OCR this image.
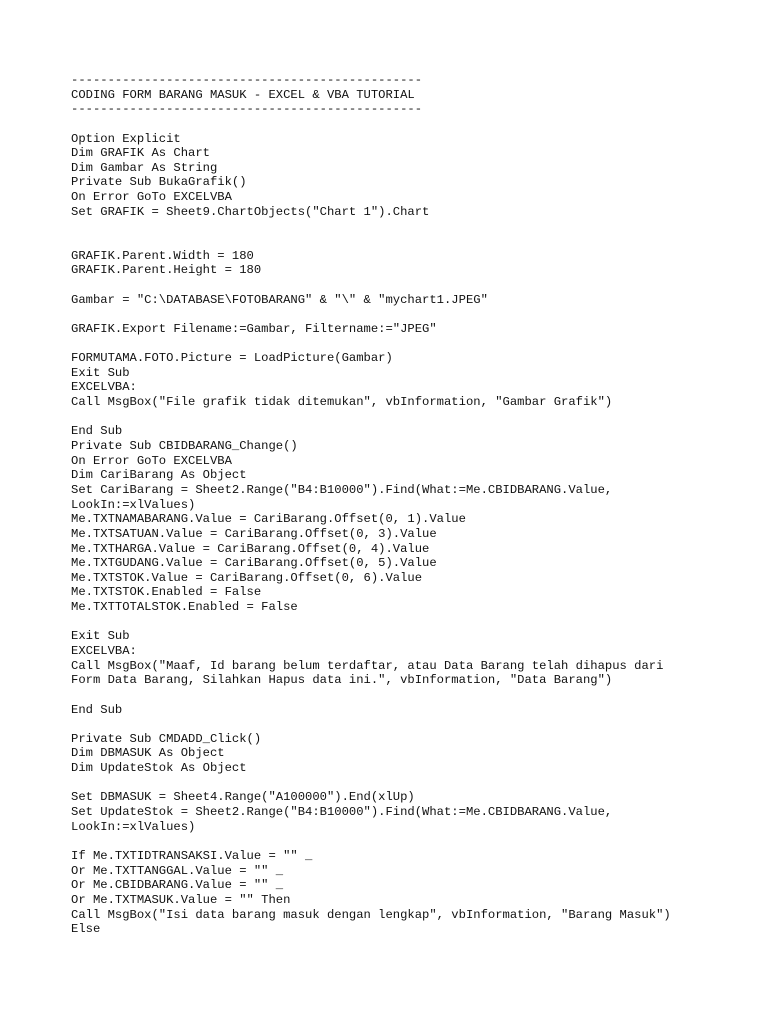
------------------------------------------------
CODING FORM BARANG MASUK - EXCEL & VBA TUTORIAL
------------------------------------------------

Option Explicit
Dim GRAFIK As Chart
Dim Gambar As String
Private Sub BukaGrafik()
On Error GoTo EXCELVBA
Set GRAFIK = Sheet9.ChartObjects("Chart 1").Chart

GRAFIK.Parent.Width = 180
GRAFIK.Parent.Height = 180

Gambar = "C:\DATABASE\FOTOBARANG" & "\" & "mychart1.JPEG"

GRAFIK.Export Filename:=Gambar, Filtername:="JPEG"

FORMUTAMA.FOTO.Picture = LoadPicture(Gambar)
Exit Sub
EXCELVBA:
Call MsgBox("File grafik tidak ditemukan", vbInformation, "Gambar Grafik")

End Sub
Private Sub CBIDBARANG_Change()
On Error GoTo EXCELVBA
Dim CariBarang As Object
Set CariBarang = Sheet2.Range("B4:B10000").Find(What:=Me.CBIDBARANG.Value,
LookIn:=xlValues)
Me.TXTNAMABARANG.Value = CariBarang.Offset(0, 1).Value
Me.TXTSATUAN.Value = CariBarang.Offset(0, 3).Value
Me.TXTHARGA.Value = CariBarang.Offset(0, 4).Value
Me.TXTGUDANG.Value = CariBarang.Offset(0, 5).Value
Me.TXTSTOK.Value = CariBarang.Offset(0, 6).Value
Me.TXTSTOK.Enabled = False
Me.TXTTOTALSTOK.Enabled = False

Exit Sub
EXCELVBA:
Call MsgBox("Maaf, Id barang belum terdaftar, atau Data Barang telah dihapus dari
Form Data Barang, Silahkan Hapus data ini.", vbInformation, "Data Barang")

End Sub

Private Sub CMDADD_Click()
Dim DBMASUK As Object
Dim UpdateStok As Object

Set DBMASUK = Sheet4.Range("A100000").End(xlUp)
Set UpdateStok = Sheet2.Range("B4:B10000").Find(What:=Me.CBIDBARANG.Value,
LookIn:=xlValues)

If Me.TXTIDTRANSAKSI.Value = "" _
Or Me.TXTTANGGAL.Value = "" _
Or Me.CBIDBARANG.Value = "" _
Or Me.TXTMASUK.Value = "" Then
Call MsgBox("Isi data barang masuk dengan lengkap", vbInformation, "Barang Masuk")
Else
